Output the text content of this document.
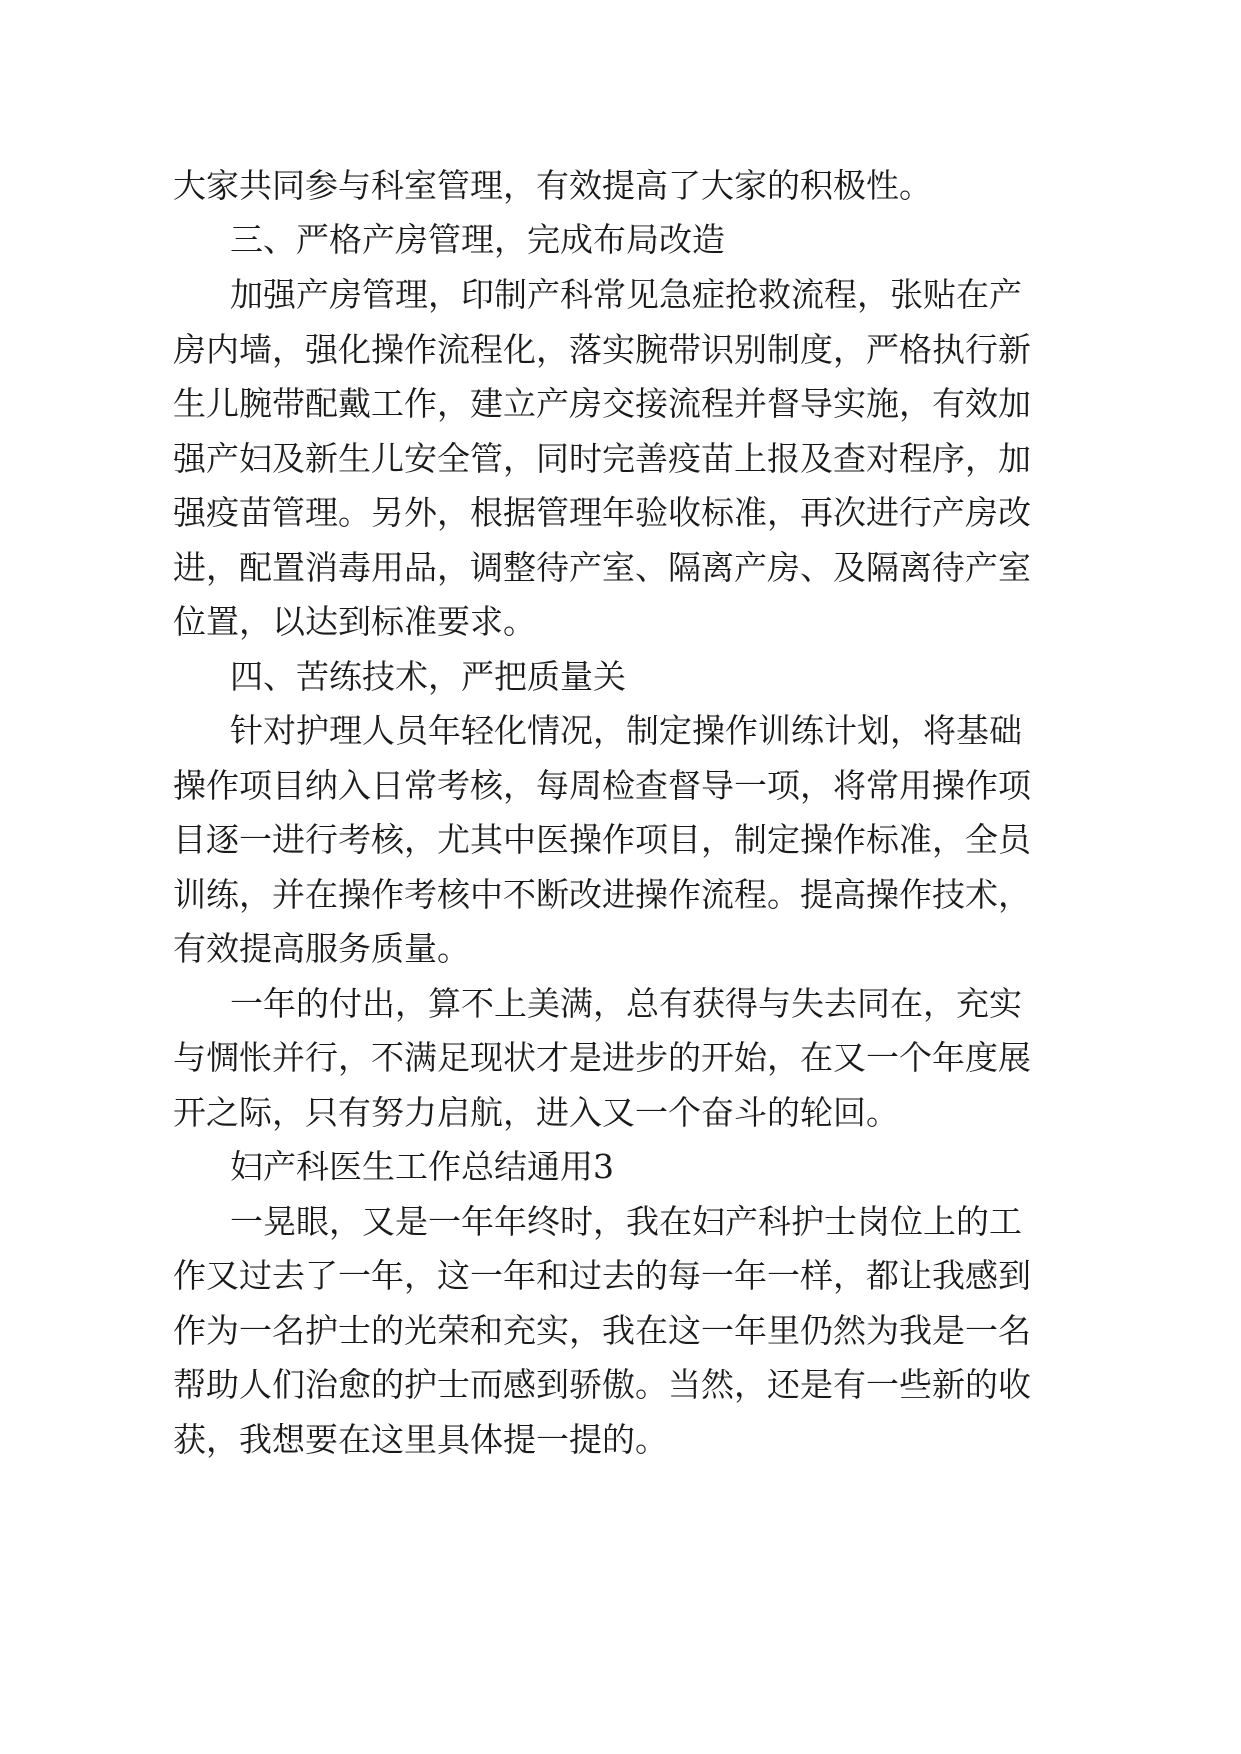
大家共同参与科室管理，有效提高了大家的积极性。

三、严格产房管理，完成布局改造

加强产房管理，印制产科常见急症抢救流程，张贴在产

房内墙，强化操作流程化，落实腕带识别制度，严格执行新

生儿腕带配戴工作，建立产房交接流程并督导实施，有效加

强产妇及新生儿安全管，同时完善疫苗上报及查对程序，加

强疫苗管理。另外，根据管理年验收标准，再次进行产房改

进，配置消毒用品，调整待产室、隔离产房、及隔离待产室

位置，以达到标准要求。

四、苦练技术，严把质量关

针对护理人员年轻化情况，制定操作训练计划，将基础

操作项目纳入日常考核，每周检查督导一项，将常用操作项

目逐一进行考核，尤其中医操作项目，制定操作标准，全员

训练，并在操作考核中不断改进操作流程。提高操作技术，

有效提高服务质量。

一年的付出，算不上美满，总有获得与失去同在，充实

与惆怅并行，不满足现状才是进步的开始，在又一个年度展

开之际，只有努力启航，进入又一个奋斗的轮回。

妇产科医生工作总结通用3

一晃眼，又是一年年终时，我在妇产科护士岗位上的工

作又过去了一年，这一年和过去的每一年一样，都让我感到

作为一名护士的光荣和充实，我在这一年里仍然为我是一名

帮助人们治愈的护士而感到骄傲。当然，还是有一些新的收

获，我想要在这里具体提一提的。
